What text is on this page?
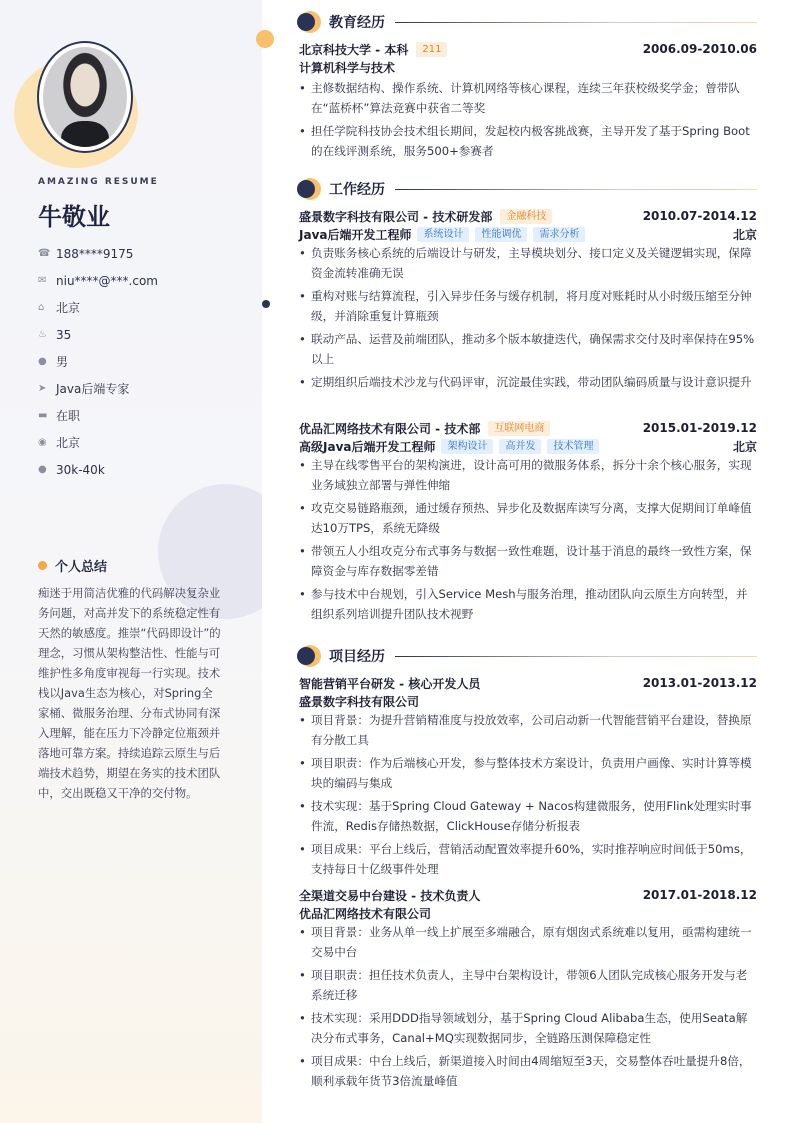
AMAZING RESUME
牛敬业
☎ 188****9175
✉ niu****@***.com
⌂ 北京
♨ 35
● 男
➤ Java后端专家
▬ 在职
◉ 北京
● 30k-40k
个人总结
痴迷于用简洁优雅的代码解决复杂业务问题，对高并发下的系统稳定性有天然的敏感度。推崇“代码即设计”的理念，习惯从架构整洁性、性能与可维护性多角度审视每一行实现。技术栈以Java生态为核心，对Spring全家桶、微服务治理、分布式协同有深入理解，能在压力下冷静定位瓶颈并落地可靠方案。持续追踪云原生与后端技术趋势，期望在务实的技术团队中，交出既稳又干净的交付物。
教育经历
北京科技大学 - 本科	211	2006.09-2010.06
计算机科学与技术
• 主修数据结构、操作系统、计算机网络等核心课程，连续三年获校级奖学金；曾带队在“蓝桥杯”算法竞赛中获省二等奖
• 担任学院科技协会技术组长期间，发起校内极客挑战赛，主导开发了基于Spring Boot的在线评测系统，服务500+参赛者
工作经历
盛景数字科技有限公司 - 技术研发部	金融科技	2010.07-2014.12
Java后端开发工程师	系统设计	性能调优	需求分析	北京
• 负责账务核心系统的后端设计与研发，主导模块划分、接口定义及关键逻辑实现，保障资金流转准确无误
• 重构对账与结算流程，引入异步任务与缓存机制，将月度对账耗时从小时级压缩至分钟级，并消除重复计算瓶颈
• 联动产品、运营及前端团队，推动多个版本敏捷迭代，确保需求交付及时率保持在95%以上
• 定期组织后端技术沙龙与代码评审，沉淀最佳实践，带动团队编码质量与设计意识提升
优品汇网络技术有限公司 - 技术部	互联网电商	2015.01-2019.12
高级Java后端开发工程师	架构设计	高并发	技术管理	北京
• 主导在线零售平台的架构演进，设计高可用的微服务体系，拆分十余个核心服务，实现业务域独立部署与弹性伸缩
• 攻克交易链路瓶颈，通过缓存预热、异步化及数据库读写分离，支撑大促期间订单峰值达10万TPS，系统无降级
• 带领五人小组攻克分布式事务与数据一致性难题，设计基于消息的最终一致性方案，保障资金与库存数据零差错
• 参与技术中台规划，引入Service Mesh与服务治理，推动团队向云原生方向转型，并组织系列培训提升团队技术视野
项目经历
智能营销平台研发 - 核心开发人员	2013.01-2013.12
盛景数字科技有限公司
• 项目背景：为提升营销精准度与投放效率，公司启动新一代智能营销平台建设，替换原有分散工具
• 项目职责：作为后端核心开发，参与整体技术方案设计，负责用户画像、实时计算等模块的编码与集成
• 技术实现：基于Spring Cloud Gateway + Nacos构建微服务，使用Flink处理实时事件流，Redis存储热数据，ClickHouse存储分析报表
• 项目成果：平台上线后，营销活动配置效率提升60%，实时推荐响应时间低于50ms，支持每日十亿级事件处理
全渠道交易中台建设 - 技术负责人	2017.01-2018.12
优品汇网络技术有限公司
• 项目背景：业务从单一线上扩展至多端融合，原有烟囱式系统难以复用，亟需构建统一交易中台
• 项目职责：担任技术负责人，主导中台架构设计，带领6人团队完成核心服务开发与老系统迁移
• 技术实现：采用DDD指导领域划分，基于Spring Cloud Alibaba生态，使用Seata解决分布式事务，Canal+MQ实现数据同步，全链路压测保障稳定性
• 项目成果：中台上线后，新渠道接入时间由4周缩短至3天，交易整体吞吐量提升8倍，顺利承载年货节3倍流量峰值
